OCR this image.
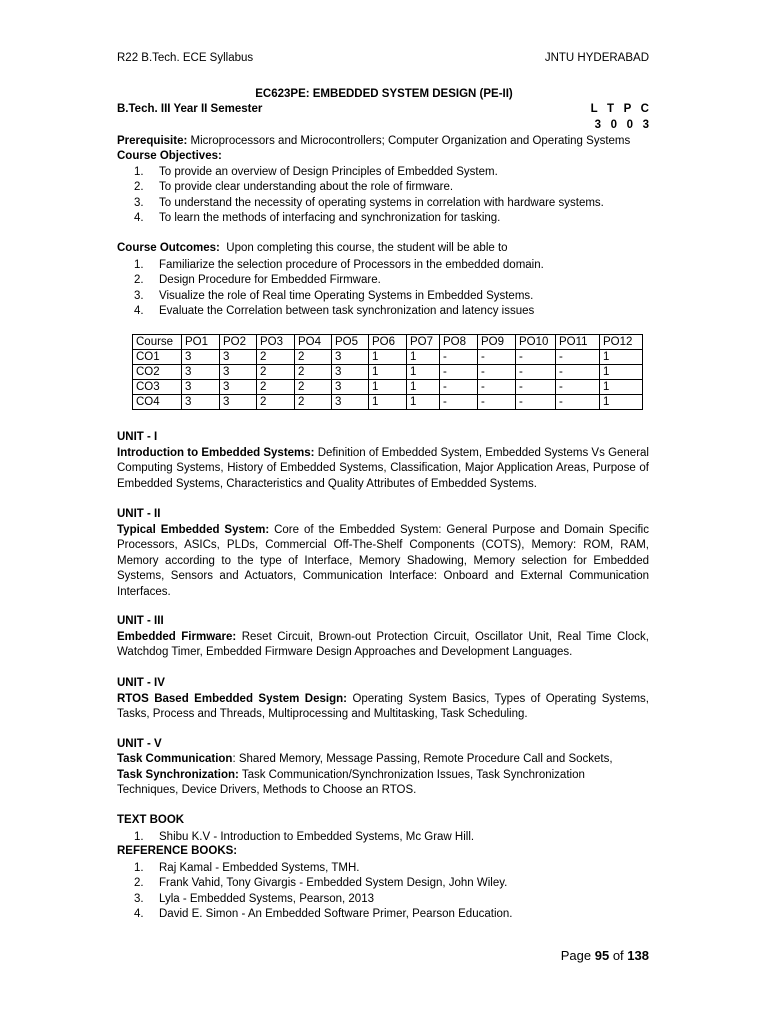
R22 B.Tech. ECE Syllabus	JNTU HYDERABAD
EC623PE: EMBEDDED SYSTEM DESIGN (PE-II)
B.Tech. III Year II Semester	L   T   P   C
3   0   0   3
Prerequisite: Microprocessors and Microcontrollers; Computer Organization and Operating Systems
Course Objectives:
1. To provide an overview of Design Principles of Embedded System.
2. To provide clear understanding about the role of firmware.
3. To understand the necessity of operating systems in correlation with hardware systems.
4. To learn the methods of interfacing and synchronization for tasking.
Course Outcomes:  Upon completing this course, the student will be able to
1. Familiarize the selection procedure of Processors in the embedded domain.
2. Design Procedure for Embedded Firmware.
3. Visualize the role of Real time Operating Systems in Embedded Systems.
4. Evaluate the Correlation between task synchronization and latency issues
Course	PO1	PO2	PO3	PO4	PO5	PO6	PO7	PO8	PO9	PO10	PO11	PO12
CO1	3	3	2	2	3	1	1	-	-	-	-	1
CO2	3	3	2	2	3	1	1	-	-	-	-	1
CO3	3	3	2	2	3	1	1	-	-	-	-	1
CO4	3	3	2	2	3	1	1	-	-	-	-	1
UNIT - I

Introduction to Embedded Systems: Definition of Embedded System, Embedded Systems Vs General Computing Systems, History of Embedded Systems, Classification, Major Application Areas, Purpose of Embedded Systems, Characteristics and Quality Attributes of Embedded Systems.

UNIT - II

Typical Embedded System: Core of the Embedded System: General Purpose and Domain Specific Processors, ASICs, PLDs, Commercial Off-The-Shelf Components (COTS), Memory: ROM, RAM, Memory according to the type of Interface, Memory Shadowing, Memory selection for Embedded Systems, Sensors and Actuators, Communication Interface: Onboard and External Communication Interfaces.

UNIT - III

Embedded Firmware: Reset Circuit, Brown-out Protection Circuit, Oscillator Unit, Real Time Clock, Watchdog Timer, Embedded Firmware Design Approaches and Development Languages.

UNIT - IV

RTOS Based Embedded System Design: Operating System Basics, Types of Operating Systems, Tasks, Process and Threads, Multiprocessing and Multitasking, Task Scheduling.

UNIT - V
Task Communication: Shared Memory, Message Passing, Remote Procedure Call and Sockets,

Task Synchronization: Task Communication/Synchronization Issues, Task Synchronization Techniques, Device Drivers, Methods to Choose an RTOS.

TEXT BOOK
1. Shibu K.V - Introduction to Embedded Systems, Mc Graw Hill.
REFERENCE BOOKS:
1. Raj Kamal - Embedded Systems, TMH.
2. Frank Vahid, Tony Givargis - Embedded System Design, John Wiley.
3. Lyla - Embedded Systems, Pearson, 2013
4. David E. Simon - An Embedded Software Primer, Pearson Education.
Page 95 of 138
